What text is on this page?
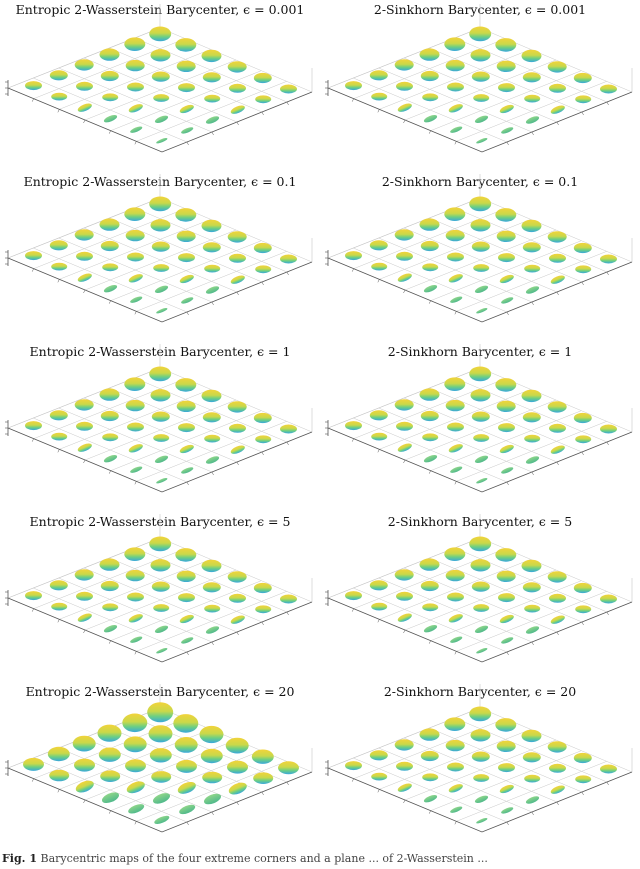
Entropic 2-Wasserstein Barycenter, ϵ = 0.001	2-Sinkhorn Barycenter, ϵ = 0.001
Entropic 2-Wasserstein Barycenter, ϵ = 0.1	2-Sinkhorn Barycenter, ϵ = 0.1
Entropic 2-Wasserstein Barycenter, ϵ = 1	2-Sinkhorn Barycenter, ϵ = 1
Entropic 2-Wasserstein Barycenter, ϵ = 5	2-Sinkhorn Barycenter, ϵ = 5
Entropic 2-Wasserstein Barycenter, ϵ = 20	2-Sinkhorn Barycenter, ϵ = 20
Fig. 1 Barycentric maps of the four extreme corners and a plane ... of 2-Wasserstein ...
